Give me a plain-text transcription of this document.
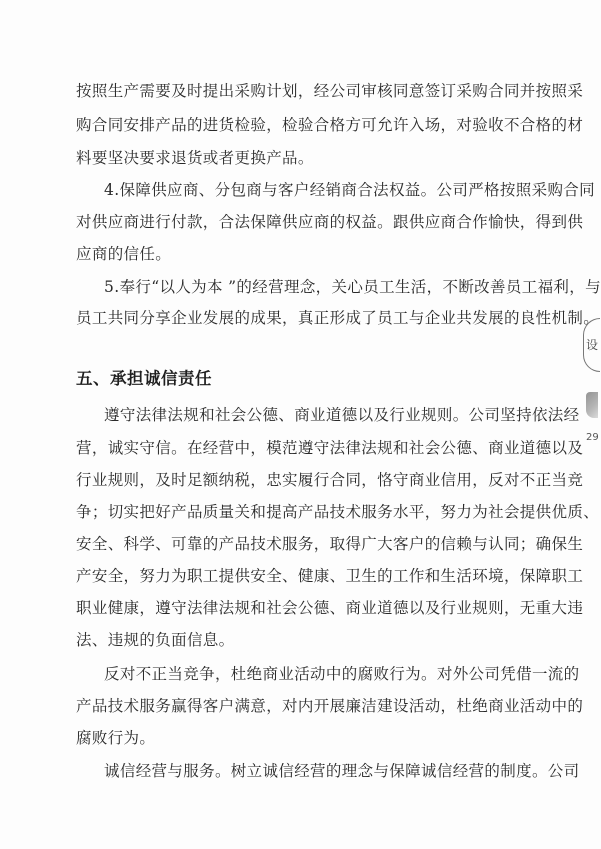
按照生产需要及时提出采购计划，经公司审核同意签订采购合同并按照采
购合同安排产品的进货检验，检验合格方可允许入场，对验收不合格的材
料要坚决要求退货或者更换产品。
4.保障供应商、分包商与客户经销商合法权益。公司严格按照采购合同
对供应商进行付款，合法保障供应商的权益。跟供应商合作愉快，得到供
应商的信任。
5.奉行“以人为本 ”的经营理念，关心员工生活，不断改善员工福利，与
员工共同分享企业发展的成果，真正形成了员工与企业共发展的良性机制。
五、承担诚信责任
遵守法律法规和社会公德、商业道德以及行业规则。公司坚持依法经
营，诚实守信。在经营中，模范遵守法律法规和社会公德、商业道德以及
行业规则，及时足额纳税，忠实履行合同，恪守商业信用，反对不正当竞
争；切实把好产品质量关和提高产品技术服务水平，努力为社会提供优质、
安全、科学、可靠的产品技术服务，取得广大客户的信赖与认同；确保生
产安全，努力为职工提供安全、健康、卫生的工作和生活环境，保障职工
职业健康，遵守法律法规和社会公德、商业道德以及行业规则，无重大违
法、违规的负面信息。
反对不正当竞争，杜绝商业活动中的腐败行为。对外公司凭借一流的
产品技术服务赢得客户满意，对内开展廉洁建设活动，杜绝商业活动中的
腐败行为。
诚信经营与服务。树立诚信经营的理念与保障诚信经营的制度。公司
设
29
